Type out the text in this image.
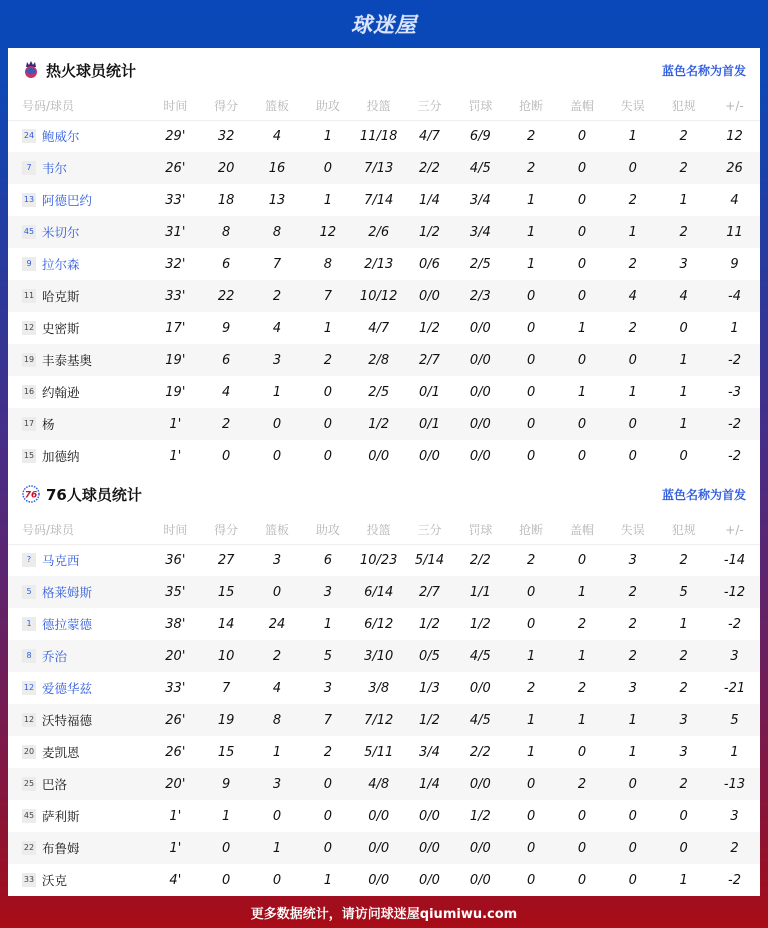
球迷屋
热火球员统计	蓝色名称为首发
号码/球员	时间	得分	篮板	助攻	投篮	三分	罚球	抢断	盖帽	失误	犯规	+/-
24 鲍威尔	29'	32	4	1	11/18	4/7	6/9	2	0	1	2	12
7 韦尔	26'	20	16	0	7/13	2/2	4/5	2	0	0	2	26
13 阿德巴约	33'	18	13	1	7/14	1/4	3/4	1	0	2	1	4
45 米切尔	31'	8	8	12	2/6	1/2	3/4	1	0	1	2	11
9 拉尔森	32'	6	7	8	2/13	0/6	2/5	1	0	2	3	9
11 哈克斯	33'	22	2	7	10/12	0/0	2/3	0	0	4	4	-4
12 史密斯	17'	9	4	1	4/7	1/2	0/0	0	1	2	0	1
19 丰泰基奥	19'	6	3	2	2/8	2/7	0/0	0	0	0	1	-2
16 约翰逊	19'	4	1	0	2/5	0/1	0/0	0	1	1	1	-3
17 杨	1'	2	0	0	1/2	0/1	0/0	0	0	0	1	-2
15 加德纳	1'	0	0	0	0/0	0/0	0/0	0	0	0	0	-2
76 76人球员统计	蓝色名称为首发
号码/球员	时间	得分	篮板	助攻	投篮	三分	罚球	抢断	盖帽	失误	犯规	+/-
? 马克西	36'	27	3	6	10/23	5/14	2/2	2	0	3	2	-14
5 格莱姆斯	35'	15	0	3	6/14	2/7	1/1	0	1	2	5	-12
1 德拉蒙德	38'	14	24	1	6/12	1/2	1/2	0	2	2	1	-2
8 乔治	20'	10	2	5	3/10	0/5	4/5	1	1	2	2	3
12 爱德华兹	33'	7	4	3	3/8	1/3	0/0	2	2	3	2	-21
12 沃特福德	26'	19	8	7	7/12	1/2	4/5	1	1	1	3	5
20 麦凯恩	26'	15	1	2	5/11	3/4	2/2	1	0	1	3	1
25 巴洛	20'	9	3	0	4/8	1/4	0/0	0	2	0	2	-13
45 萨利斯	1'	1	0	0	0/0	0/0	1/2	0	0	0	0	3
22 布鲁姆	1'	0	1	0	0/0	0/0	0/0	0	0	0	0	2
33 沃克	4'	0	0	1	0/0	0/0	0/0	0	0	0	1	-2
更多数据统计，请访问球迷屋qiumiwu.com
